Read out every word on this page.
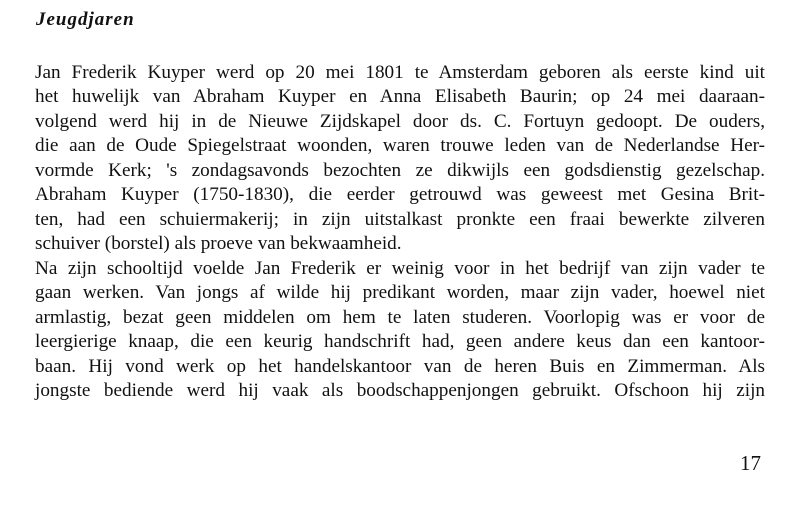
Jeugdjaren

Jan Frederik Kuyper werd op 20 mei 1801 te Amsterdam geboren als eerste kind uit

het huwelijk van Abraham Kuyper en Anna Elisabeth Baurin; op 24 mei daaraan-

volgend werd hij in de Nieuwe Zijdskapel door ds. C. Fortuyn gedoopt. De ouders,

die aan de Oude Spiegelstraat woonden, waren trouwe leden van de Nederlandse Her-

vormde Kerk; 's zondagsavonds bezochten ze dikwijls een godsdienstig gezelschap.

Abraham Kuyper (1750-1830), die eerder getrouwd was geweest met Gesina Brit-

ten, had een schuiermakerij; in zijn uitstalkast pronkte een fraai bewerkte zilveren

schuiver (borstel) als proeve van bekwaamheid.

Na zijn schooltijd voelde Jan Frederik er weinig voor in het bedrijf van zijn vader te

gaan werken. Van jongs af wilde hij predikant worden, maar zijn vader, hoewel niet

armlastig, bezat geen middelen om hem te laten studeren. Voorlopig was er voor de

leergierige knaap, die een keurig handschrift had, geen andere keus dan een kantoor-

baan. Hij vond werk op het handelskantoor van de heren Buis en Zimmerman. Als

jongste bediende werd hij vaak als boodschappenjongen gebruikt. Ofschoon hij zijn

17
